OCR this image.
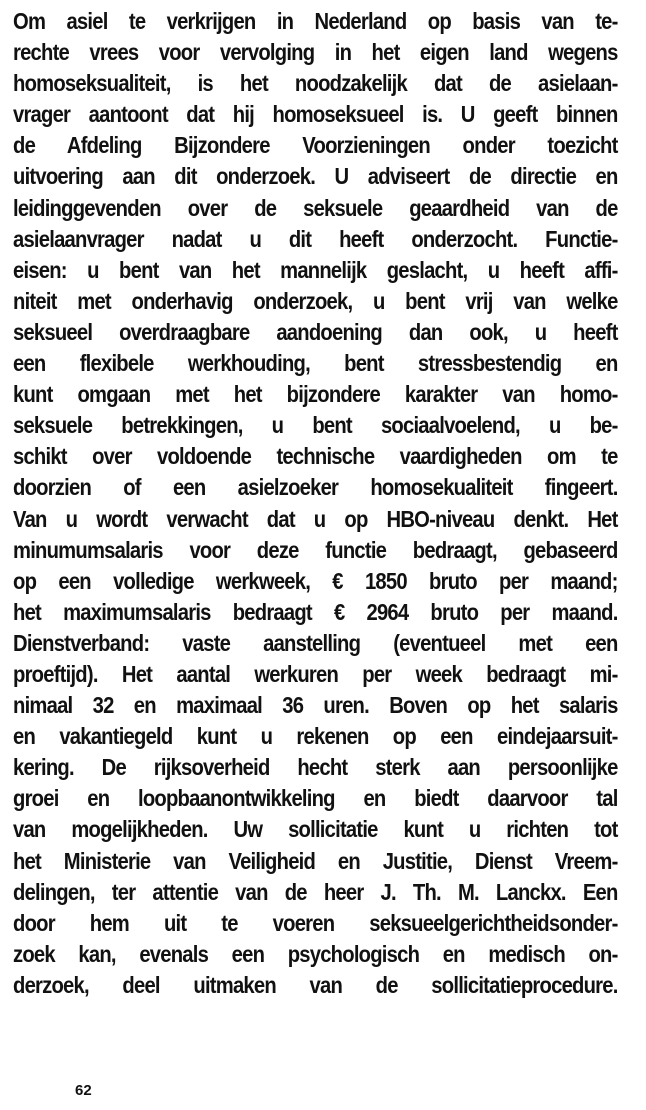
Om asiel te verkrijgen in Nederland op basis van te-
rechte vrees voor vervolging in het eigen land wegens
homoseksualiteit, is het noodzakelijk dat de asielaan-
vrager aantoont dat hij homoseksueel is. U geeft binnen
de Afdeling Bijzondere Voorzieningen onder toezicht
uitvoering aan dit onderzoek. U adviseert de directie en
leidinggevenden over de seksuele geaardheid van de
asielaanvrager nadat u dit heeft onderzocht. Functie-
eisen: u bent van het mannelijk geslacht, u heeft affi-
niteit met onderhavig onderzoek, u bent vrij van welke
seksueel overdraagbare aandoening dan ook, u heeft
een flexibele werkhouding, bent stressbestendig en
kunt omgaan met het bijzondere karakter van homo-
seksuele betrekkingen, u bent sociaalvoelend, u be-
schikt over voldoende technische vaardigheden om te
doorzien of een asielzoeker homosekualiteit fingeert.
Van u wordt verwacht dat u op HBO-niveau denkt. Het
minumumsalaris voor deze functie bedraagt, gebaseerd
op een volledige werkweek, € 1850 bruto per maand;
het maximumsalaris bedraagt € 2964 bruto per maand.
Dienstverband: vaste aanstelling (eventueel met een
proeftijd). Het aantal werkuren per week bedraagt mi-
nimaal 32 en maximaal 36 uren. Boven op het salaris
en vakantiegeld kunt u rekenen op een eindejaarsuit-
kering. De rijksoverheid hecht sterk aan persoonlijke
groei en loopbaanontwikkeling en biedt daarvoor tal
van mogelijkheden. Uw sollicitatie kunt u richten tot
het Ministerie van Veiligheid en Justitie, Dienst Vreem-
delingen, ter attentie van de heer J. Th. M. Lanckx. Een
door hem uit te voeren seksueelgerichtheidsonder-
zoek kan, evenals een psychologisch en medisch on-
derzoek, deel uitmaken van de sollicitatieprocedure.
62
